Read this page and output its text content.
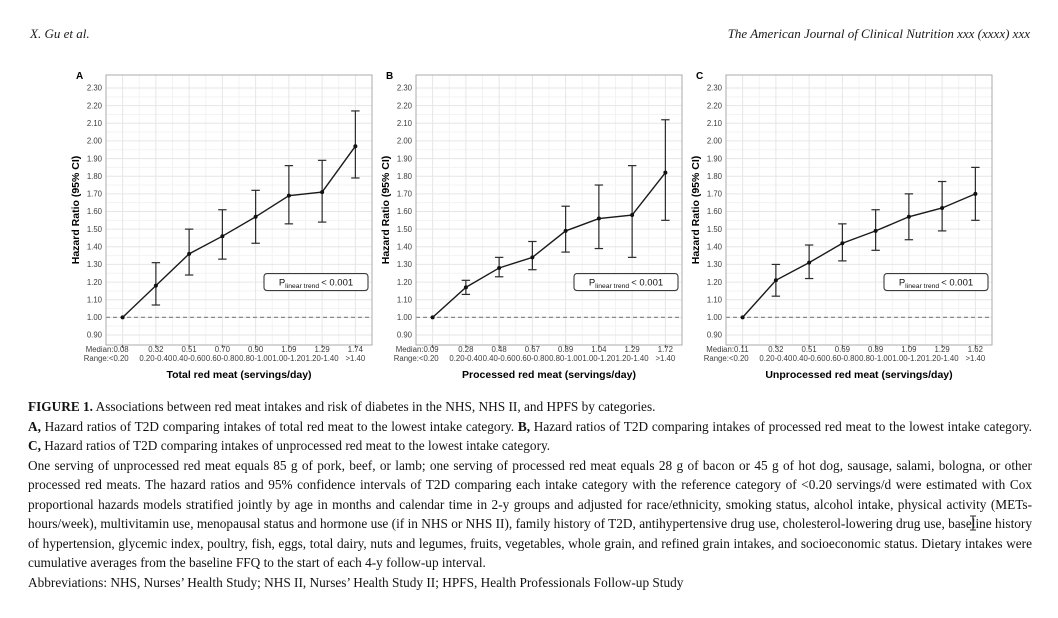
X. Gu et al.	The American Journal of Clinical Nutrition xxx (xxxx) xxx
0.90
1.00
1.10
1.20
1.30
1.40
1.50
1.60
1.70
1.80
1.90
2.00
2.10
2.20
2.30
Median:0.08
Range:<0.20
0.32
0.20-0.40
0.51
0.40-0.60
0.70
0.60-0.80
0.90
0.80-1.00
1.09
1.00-1.20
1.29
1.20-1.40
1.74
>1.40
$P_{linear trend} < 0.001$
Total red meat (servings/day)
Hazard Ratio (95% CI)
A
0.90
1.00
1.10
1.20
1.30
1.40
1.50
1.60
1.70
1.80
1.90
2.00
2.10
2.20
2.30
Median:0.09
Range:<0.20
0.28
0.20-0.40
0.48
0.40-0.60
0.67
0.60-0.80
0.89
0.80-1.00
1.04
1.00-1.20
1.29
1.20-1.40
1.72
>1.40
$P_{linear trend} < 0.001$
Processed red meat (servings/day)
Hazard Ratio (95% CI)
B
0.90
1.00
1.10
1.20
1.30
1.40
1.50
1.60
1.70
1.80
1.90
2.00
2.10
2.20
2.30
Median:0.11
Range:<0.20
0.32
0.20-0.40
0.51
0.40-0.60
0.69
0.60-0.80
0.89
0.80-1.00
1.09
1.00-1.20
1.29
1.20-1.40
1.62
>1.40
$P_{linear trend} < 0.001$
Unprocessed red meat (servings/day)
Hazard Ratio (95% CI)
C

FIGURE 1. Associations between red meat intakes and risk of diabetes in the NHS, NHS II, and HPFS by categories.

A, Hazard ratios of T2D comparing intakes of total red meat to the lowest intake category. B, Hazard ratios of T2D comparing intakes of processed red meat to the lowest intake category. C, Hazard ratios of T2D comparing intakes of unprocessed red meat to the lowest intake category.

One serving of unprocessed red meat equals 85 g of pork, beef, or lamb; one serving of processed red meat equals 28 g of bacon or 45 g of hot dog, sausage, salami, bologna, or other processed red meats. The hazard ratios and 95% confidence intervals of T2D comparing each intake category with the reference category of <0.20 servings/d were estimated with Cox proportional hazards models stratified jointly by age in months and calendar time in 2-y groups and adjusted for race/ethnicity, smoking status, alcohol intake, physical activity (METs-hours/week), multivitamin use, menopausal status and hormone use (if in NHS or NHS II), family history of T2D, antihypertensive drug use, cholesterol-lowering drug use, baseline history of hypertension, glycemic index, poultry, fish, eggs, total dairy, nuts and legumes, fruits, vegetables, whole grain, and refined grain intakes, and socioeconomic status. Dietary intakes were cumulative averages from the baseline FFQ to the start of each 4-y follow-up interval.

Abbreviations: NHS, Nurses’ Health Study; NHS II, Nurses’ Health Study II; HPFS, Health Professionals Follow-up Study
